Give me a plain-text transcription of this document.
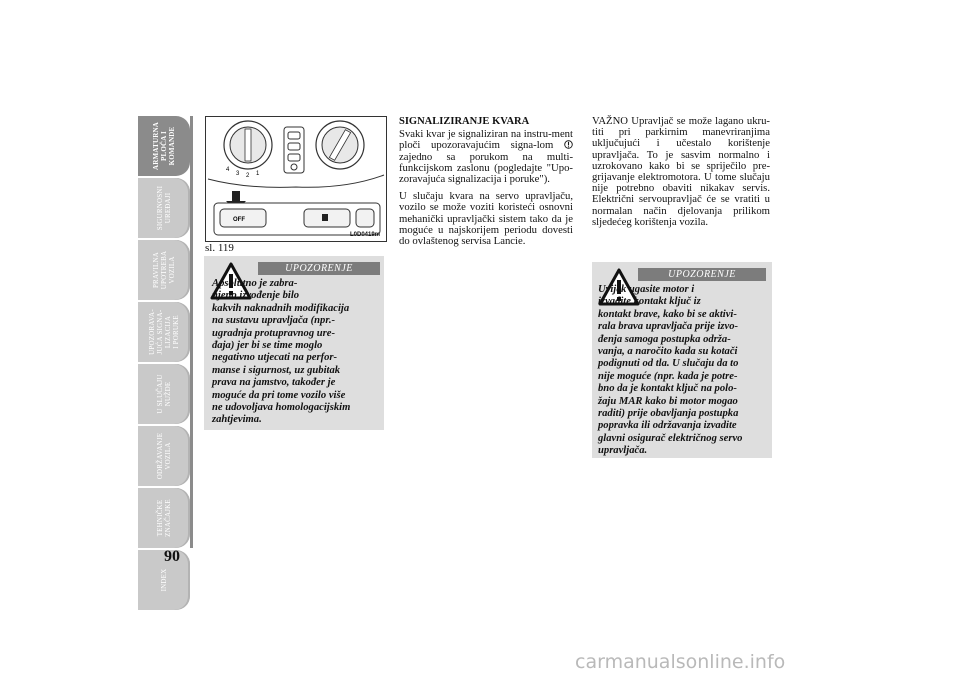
ARMATURNA
PLOČA I
KOMANDE
SIGURNOSNI
UREĐAJI
PRAVILNA
UPOTREBA
VOZILA
UPOZORAVA-
JUĆA SIGNA-
LIZACIJA
I PORUKE
U SLUČAJU
NUŽDE
ODRŽAVANJE
VOZILA
TEHNIČKE
ZNAČAJKE
INDEX
90
4
3 2 1
OFF
L0D0419m
sl. 119
UPOZORENJE
Apsolutno je zabra-
njeno izvođenje bilo
kakvih naknadnih modifikacija
na sustavu upravljača (npr.-
ugradnja protupravnog ure-
đaja) jer bi se time moglo
negativno utjecati na perfor-
manse i sigurnost, uz gubitak
prava na jamstvo, također je
moguće da pri tome vozilo više
ne udovoljava homologacijskim
zahtjevima.

SIGNALIZIRANJE KVARA

Svaki kvar je signaliziran na instru-ment ploči upozoravajućim signa-lom  zajedno sa porukom na multi-funkcijskom zaslonu (pogledajte "Upo-zoravajuća signalizacija i poruke").

U slučaju kvara na servo upravljaču, vozilo se može voziti koristeći osnovni mehanički upravljački sistem tako da je moguće u najskorijem periodu dovesti do ovlaštenog servisa Lancie.

VAŽNO Upravljač se može lagano ukru-titi pri parkirnim manevriranjima uključujući i učestalo korištenje upravljača. To je sasvim normalno i uzrokovano kako bi se spriječilo pre-grijavanje elektromotora. U tome slučaju nije potrebno obaviti nikakav servis. Električni servoupravljač će se vratiti u normalan način djelovanja prilikom sljedećeg korištenja vozila.

UPOZORENJE
Uvijek ugasite motor i
izvadite kontakt ključ iz
kontakt brave, kako bi se aktivi-
rala brava upravljača prije izvo-
đenja samoga postupka održa-
vanja, a naročito kada su kotači
podignuti od tla. U slučaju da to
nije moguće (npr. kada je potre-
bno da je kontakt ključ na polo-
žaju MAR kako bi motor mogao
raditi) prije obavljanja postupka
popravka ili održavanja izvadite
glavni osigurač električnog servo
upravljača.
carmanualsonline.info
